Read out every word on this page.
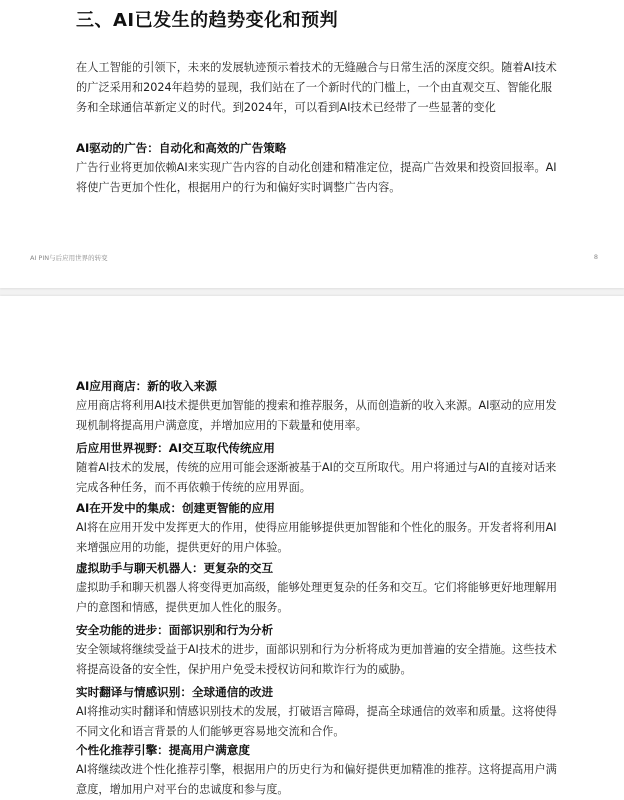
三、AI已发生的趋势变化和预判

在人工智能的引领下，未来的发展轨迹预示着技术的无缝融合与日常生活的深度交织。随着AI技术的广泛采用和2024年趋势的显现，我们站在了一个新时代的门槛上，一个由直观交互、智能化服务和全球通信革新定义的时代。到2024年，可以看到AI技术已经带了一些显著的变化

AI驱动的广告：自动化和高效的广告策略

广告行业将更加依赖AI来实现广告内容的自动化创建和精准定位，提高广告效果和投资回报率。AI将使广告更加个性化，根据用户的行为和偏好实时调整广告内容。

AI PIN与后应用世界的转变	8
AI应用商店：新的收入来源

应用商店将利用AI技术提供更加智能的搜索和推荐服务，从而创造新的收入来源。AI驱动的应用发现机制将提高用户满意度，并增加应用的下载量和使用率。

后应用世界视野：AI交互取代传统应用

随着AI技术的发展，传统的应用可能会逐渐被基于AI的交互所取代。用户将通过与AI的直接对话来完成各种任务，而不再依赖于传统的应用界面。

AI在开发中的集成：创建更智能的应用

AI将在应用开发中发挥更大的作用，使得应用能够提供更加智能和个性化的服务。开发者将利用AI来增强应用的功能，提供更好的用户体验。

虚拟助手与聊天机器人：更复杂的交互

虚拟助手和聊天机器人将变得更加高级，能够处理更复杂的任务和交互。它们将能够更好地理解用户的意图和情感，提供更加人性化的服务。

安全功能的进步：面部识别和行为分析

安全领域将继续受益于AI技术的进步，面部识别和行为分析将成为更加普遍的安全措施。这些技术将提高设备的安全性，保护用户免受未授权访问和欺诈行为的威胁。

实时翻译与情感识别：全球通信的改进

AI将推动实时翻译和情感识别技术的发展，打破语言障碍，提高全球通信的效率和质量。这将使得不同文化和语言背景的人们能够更容易地交流和合作。

个性化推荐引擎：提高用户满意度

AI将继续改进个性化推荐引擎，根据用户的历史行为和偏好提供更加精准的推荐。这将提高用户满意度，增加用户对平台的忠诚度和参与度。
